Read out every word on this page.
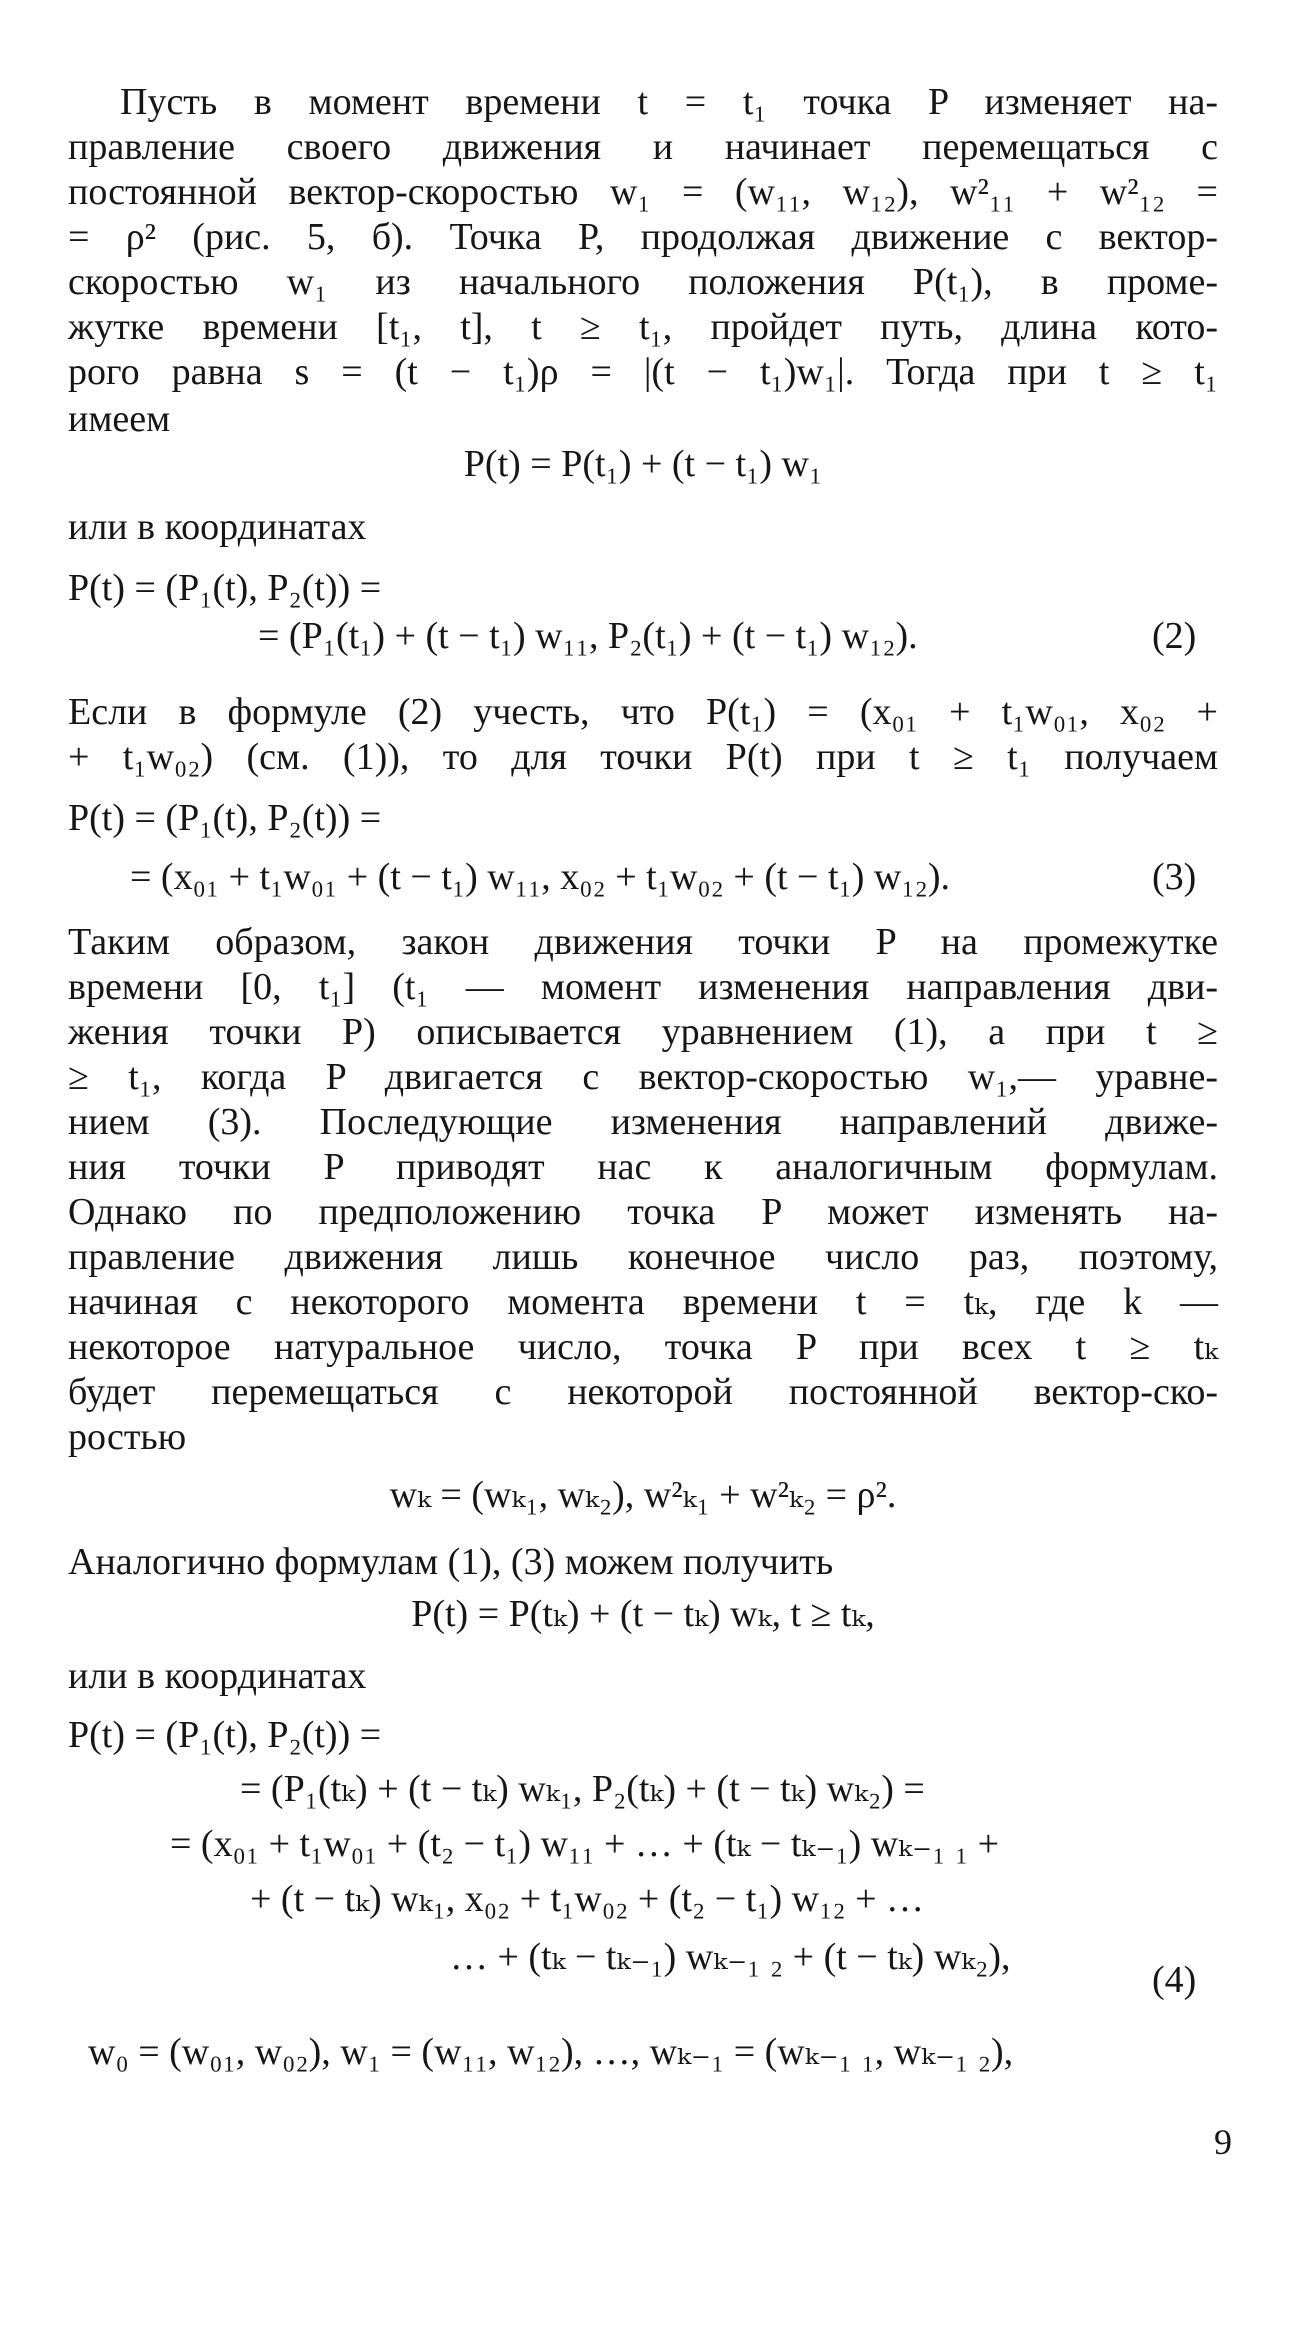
Пусть в момент времени t = t₁ точка P изменяет на-
правление своего движения и начинает перемещаться с
постоянной вектор-скоростью w₁ = (w₁₁, w₁₂), w²₁₁ + w²₁₂ =
= ρ² (рис. 5, б). Точка P, продолжая движение с вектор-
скоростью w₁ из начального положения P(t₁), в проме-
жутке времени [t₁, t], t ≥ t₁, пройдет путь, длина кото-
рого равна s = (t − t₁)ρ = |(t − t₁)w₁|. Тогда при t ≥ t₁
имеем
P(t) = P(t₁) + (t − t₁) w₁
или в координатах
P(t) = (P₁(t), P₂(t)) =
= (P₁(t₁) + (t − t₁) w₁₁, P₂(t₁) + (t − t₁) w₁₂).	(2)
Если в формуле (2) учесть, что P(t₁) = (x₀₁ + t₁w₀₁, x₀₂ +
+ t₁w₀₂) (см. (1)), то для точки P(t) при t ≥ t₁ получаем
P(t) = (P₁(t), P₂(t)) =
= (x₀₁ + t₁w₀₁ + (t − t₁) w₁₁, x₀₂ + t₁w₀₂ + (t − t₁) w₁₂).	(3)
Таким образом, закон движения точки P на промежутке
времени [0, t₁] (t₁ — момент изменения направления дви-
жения точки P) описывается уравнением (1), а при t ≥
≥ t₁, когда P двигается с вектор-скоростью w₁,— уравне-
нием (3). Последующие изменения направлений движе-
ния точки P приводят нас к аналогичным формулам.
Однако по предположению точка P может изменять на-
правление движения лишь конечное число раз, поэтому,
начиная с некоторого момента времени t = tₖ, где k —
некоторое натуральное число, точка P при всех t ≥ tₖ
будет перемещаться с некоторой постоянной вектор-ско-
ростью
wₖ = (wₖ₁, wₖ₂), w²ₖ₁ + w²ₖ₂ = ρ².
Аналогично формулам (1), (3) можем получить
P(t) = P(tₖ) + (t − tₖ) wₖ, t ≥ tₖ,
или в координатах
P(t) = (P₁(t), P₂(t)) =
= (P₁(tₖ) + (t − tₖ) wₖ₁, P₂(tₖ) + (t − tₖ) wₖ₂) =
= (x₀₁ + t₁w₀₁ + (t₂ − t₁) w₁₁ + … + (tₖ − tₖ₋₁) wₖ₋₁ ₁ +
+ (t − tₖ) wₖ₁, x₀₂ + t₁w₀₂ + (t₂ − t₁) w₁₂ + …
… + (tₖ − tₖ₋₁) wₖ₋₁ ₂ + (t − tₖ) wₖ₂),
(4)
w₀ = (w₀₁, w₀₂), w₁ = (w₁₁, w₁₂), …, wₖ₋₁ = (wₖ₋₁ ₁, wₖ₋₁ ₂),
9
